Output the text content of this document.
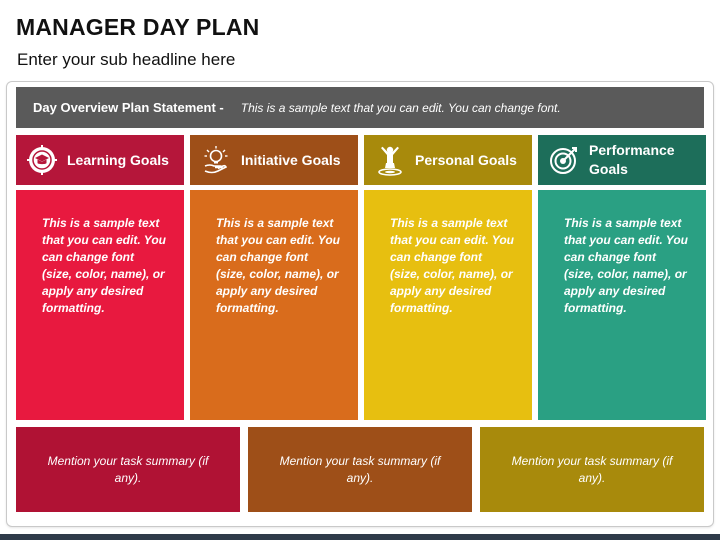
MANAGER DAY PLAN
Enter your sub headline here
Day Overview Plan Statement - This is a sample text that you can edit. You can change font.
Learning Goals
This is a sample text that you can edit. You can change font (size, color, name), or apply any desired formatting.
Initiative Goals
This is a sample text that you can edit. You can change font (size, color, name), or apply any desired formatting.
Personal Goals
This is a sample text that you can edit. You can change font (size, color, name), or apply any desired formatting.
Performance Goals
This is a sample text that you can edit. You can change font (size, color, name), or apply any desired formatting.
Mention your task summary (if any).
Mention your task summary (if any).
Mention your task summary (if any).
